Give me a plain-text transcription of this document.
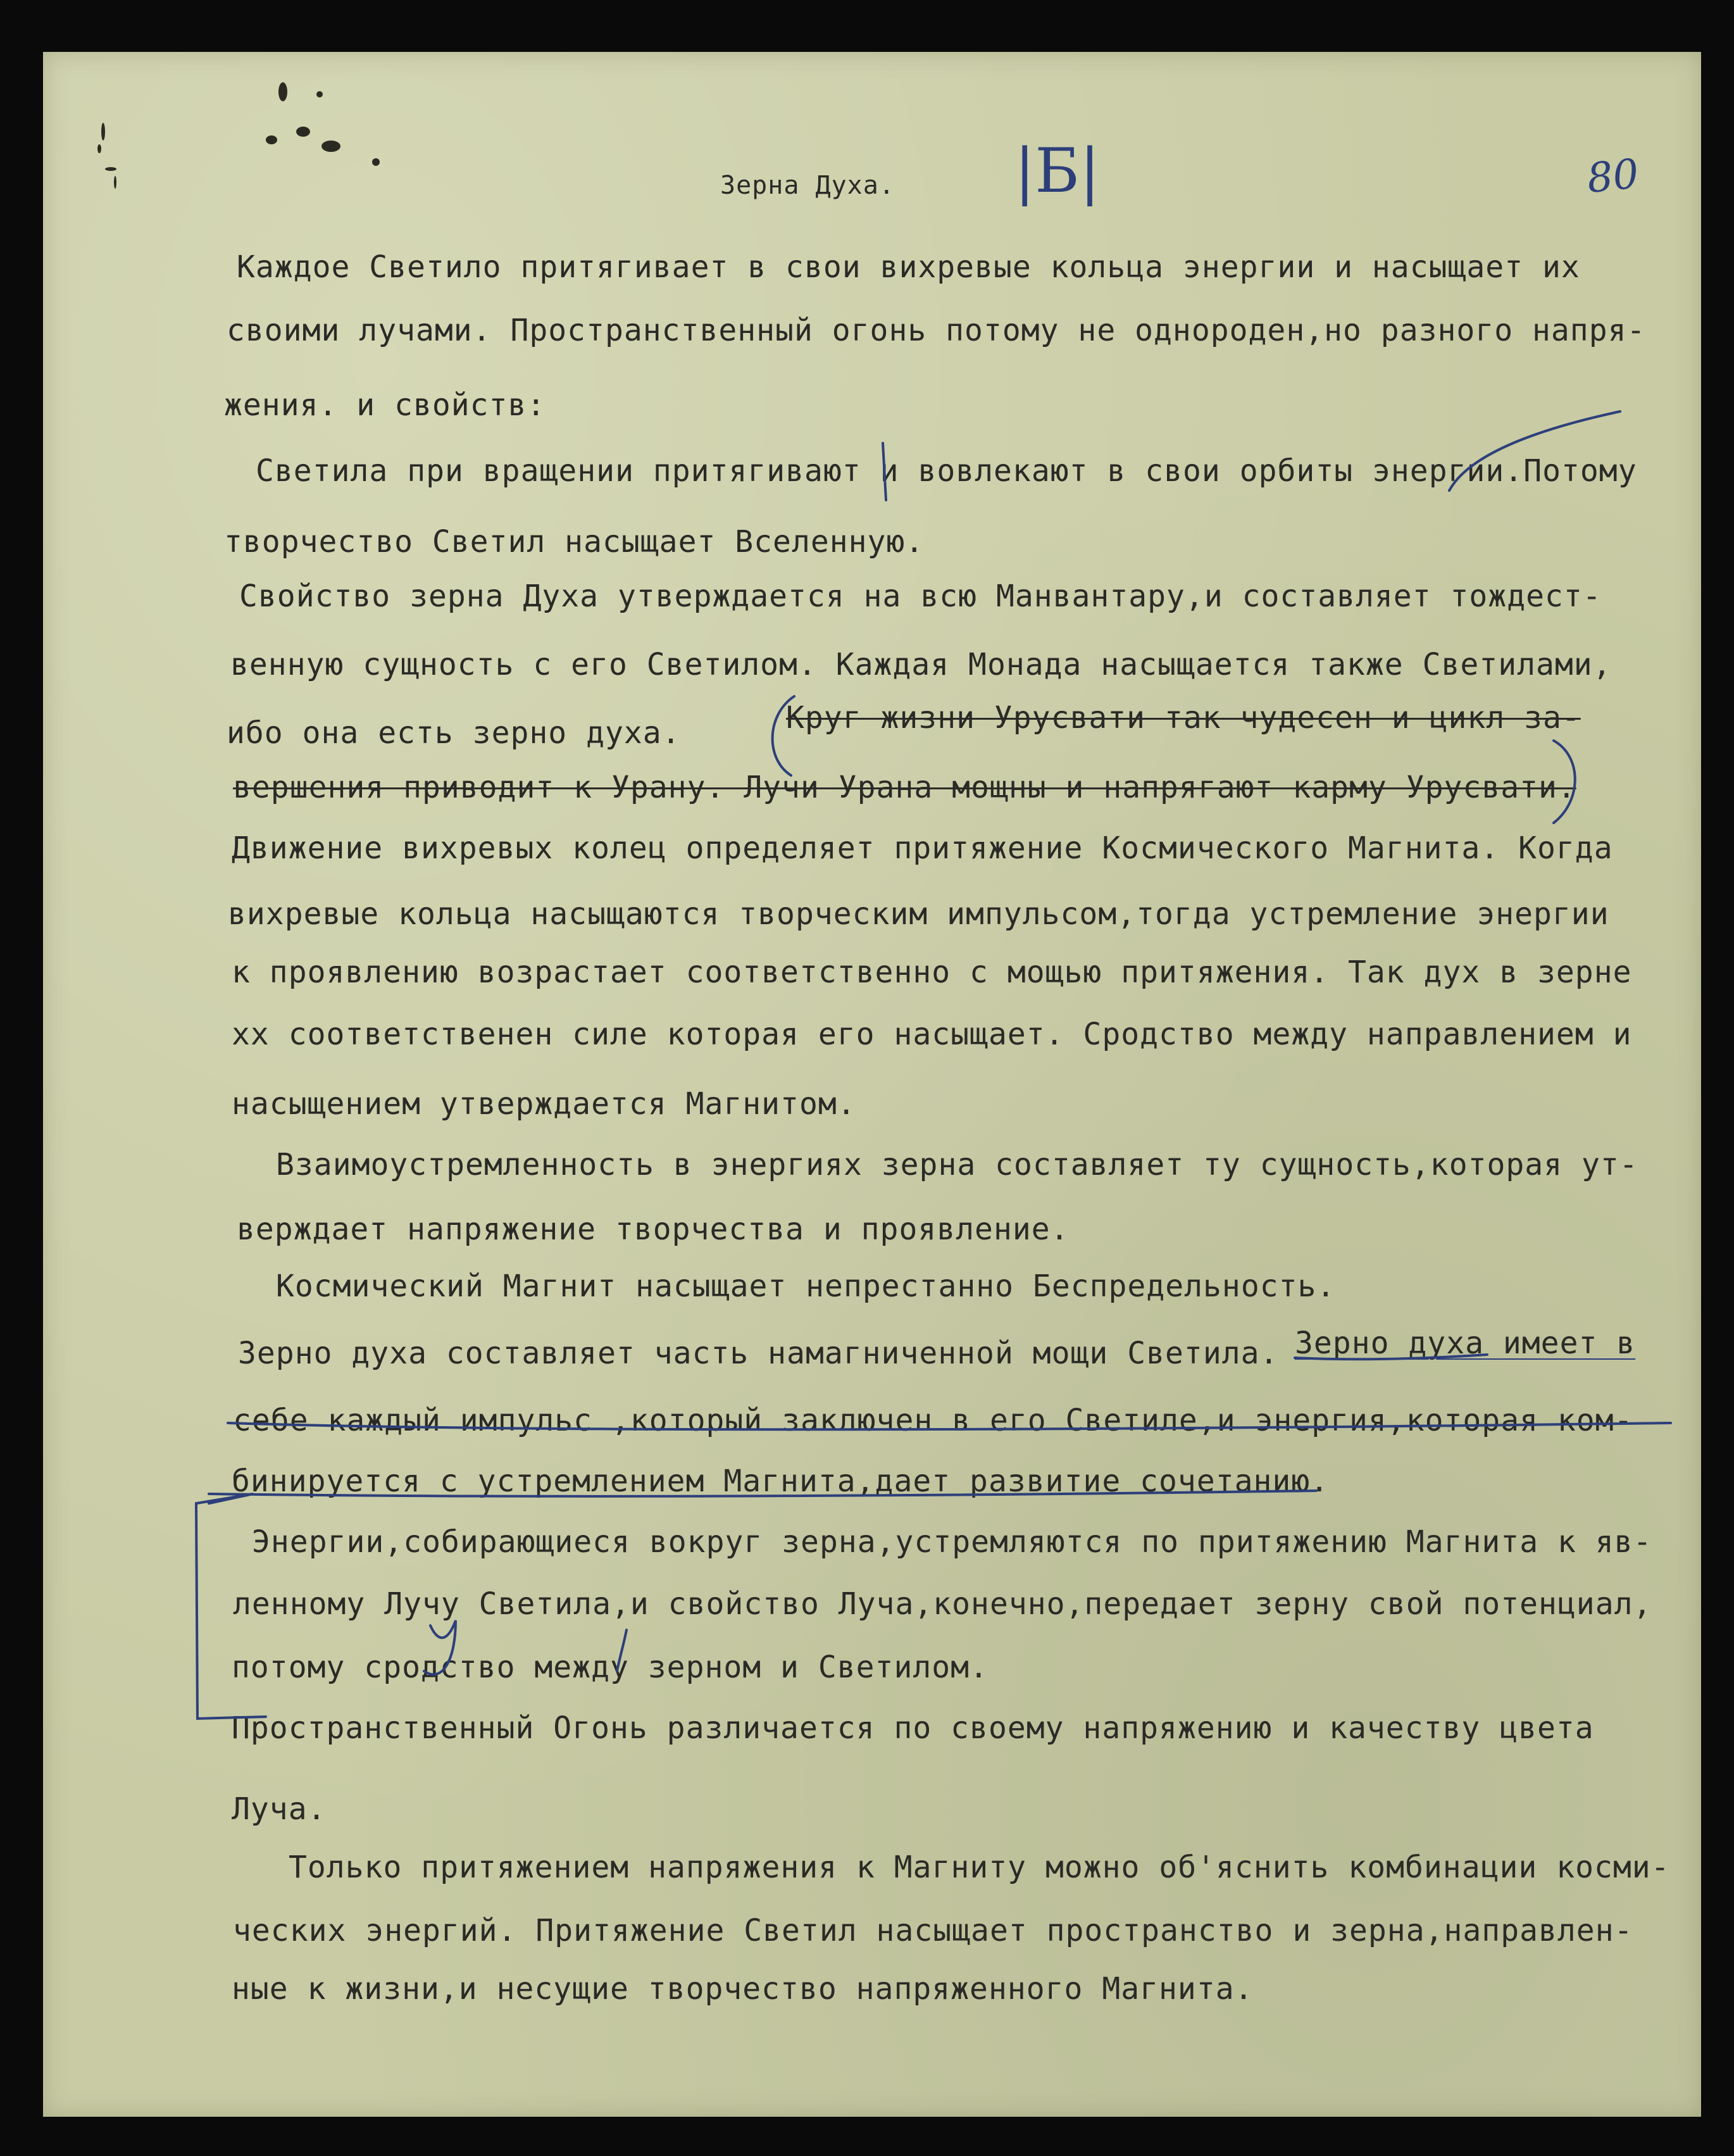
|Б|	80

Зерна Духа.

Каждое Светило притягивает в свои вихревые кольца энергии и насыщает их

своими лучами. Пространственный огонь потому не однороден,но разного напря-

жения. и свойств:

Светила при вращении притягивают и вовлекают в свои орбиты энергии.Потому

творчество Светил насыщает Вселенную.

Свойство зерна Духа утверждается на всю Манвантару,и составляет тождест-

венную сущность с его Светилом. Каждая Монада насыщается также Светилами,

ибо она есть зерно духа.	Круг жизни Урусвати так чудесен и цикл за-

вершения приводит к Урану. Лучи Урана мощны и напрягают карму Урусвати.

Движение вихревых колец определяет притяжение Космического Магнита. Когда

вихревые кольца насыщаются творческим импульсом,тогда устремление энергии

к проявлению возрастает соответственно с мощью притяжения. Так дух в зерне

хх соответственен силе которая его насыщает. Сродство между направлением и

насыщением утверждается Магнитом.

Взаимоустремленность в энергиях зерна составляет ту сущность,которая ут-

верждает напряжение творчества и проявление.

Космический Магнит насыщает непрестанно Беспредельность.

Зерно духа составляет часть намагниченной мощи Светила. Зерно духа имеет в

себе каждый импульс ,который заключен в его Светиле,и энергия,которая ком-

бинируется с устремлением Магнита,дает развитие сочетанию.

Энергии,собирающиеся вокруг зерна,устремляются по притяжению Магнита к яв-

ленному Лучу Светила,и свойство Луча,конечно,передает зерну свой потенциал,

потому сродство между зерном и Светилом.

Пространственный Огонь различается по своему напряжению и качеству цвета

Луча.

Только притяжением напряжения к Магниту можно об'яснить комбинации косми-

ческих энергий. Притяжение Светил насыщает пространство и зерна,направлен-

ные к жизни,и несущие творчество напряженного Магнита.
